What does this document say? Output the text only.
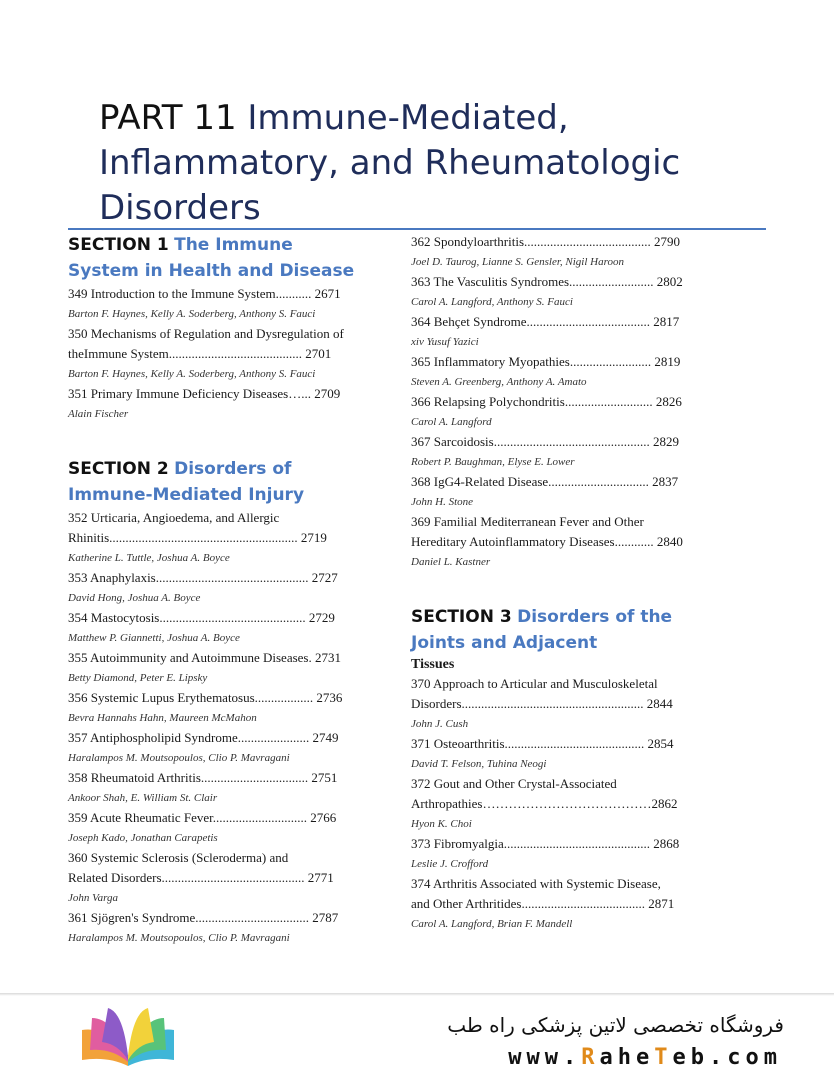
PART 11 Immune-Mediated, Inflammatory, and Rheumatologic Disorders
SECTION 1 The Immune System in Health and Disease

349 Introduction to the Immune System........... 2671

Barton F. Haynes, Kelly A. Soderberg, Anthony S. Fauci

350 Mechanisms of Regulation and Dysregulation of

theImmune System......................................... 2701

Barton F. Haynes, Kelly A. Soderberg, Anthony S. Fauci

351 Primary Immune Deficiency Diseases…... 2709

Alain Fischer

SECTION 2 Disorders of Immune-Mediated Injury

352 Urticaria, Angioedema, and Allergic

Rhinitis.......................................................... 2719

Katherine L. Tuttle, Joshua A. Boyce

353 Anaphylaxis............................................... 2727

David Hong, Joshua A. Boyce

354 Mastocytosis............................................. 2729

Matthew P. Giannetti, Joshua A. Boyce

355 Autoimmunity and Autoimmune Diseases. 2731

Betty Diamond, Peter E. Lipsky

356 Systemic Lupus Erythematosus.................. 2736

Bevra Hannahs Hahn, Maureen McMahon

357 Antiphospholipid Syndrome...................... 2749

Haralampos M. Moutsopoulos, Clio P. Mavragani

358 Rheumatoid Arthritis................................. 2751

Ankoor Shah, E. William St. Clair

359 Acute Rheumatic Fever............................. 2766

Joseph Kado, Jonathan Carapetis

360 Systemic Sclerosis (Scleroderma) and

Related Disorders............................................ 2771

John Varga

361 Sjögren's Syndrome................................... 2787

Haralampos M. Moutsopoulos, Clio P. Mavragani

362 Spondyloarthritis....................................... 2790

Joel D. Taurog, Lianne S. Gensler, Nigil Haroon

363 The Vasculitis Syndromes.......................... 2802

Carol A. Langford, Anthony S. Fauci

364 Behçet Syndrome...................................... 2817

xiv Yusuf Yazici

365 Inflammatory Myopathies......................... 2819

Steven A. Greenberg, Anthony A. Amato

366 Relapsing Polychondritis........................... 2826

Carol A. Langford

367 Sarcoidosis................................................ 2829

Robert P. Baughman, Elyse E. Lower

368 IgG4-Related Disease............................... 2837

John H. Stone

369 Familial Mediterranean Fever and Other

Hereditary Autoinflammatory Diseases............ 2840

Daniel L. Kastner

SECTION 3 Disorders of the Joints and Adjacent
Tissues

370 Approach to Articular and Musculoskeletal

Disorders........................................................ 2844

John J. Cush

371 Osteoarthritis........................................... 2854

David T. Felson, Tuhina Neogi

372 Gout and Other Crystal-Associated

Arthropathies…………………………………2862

Hyon K. Choi

373 Fibromyalgia............................................. 2868

Leslie J. Crofford

374 Arthritis Associated with Systemic Disease,

and Other Arthritides...................................... 2871

Carol A. Langford, Brian F. Mandell

فروشگاه تخصصی لاتین پزشکی راه طب
www.RaheTeb.com
